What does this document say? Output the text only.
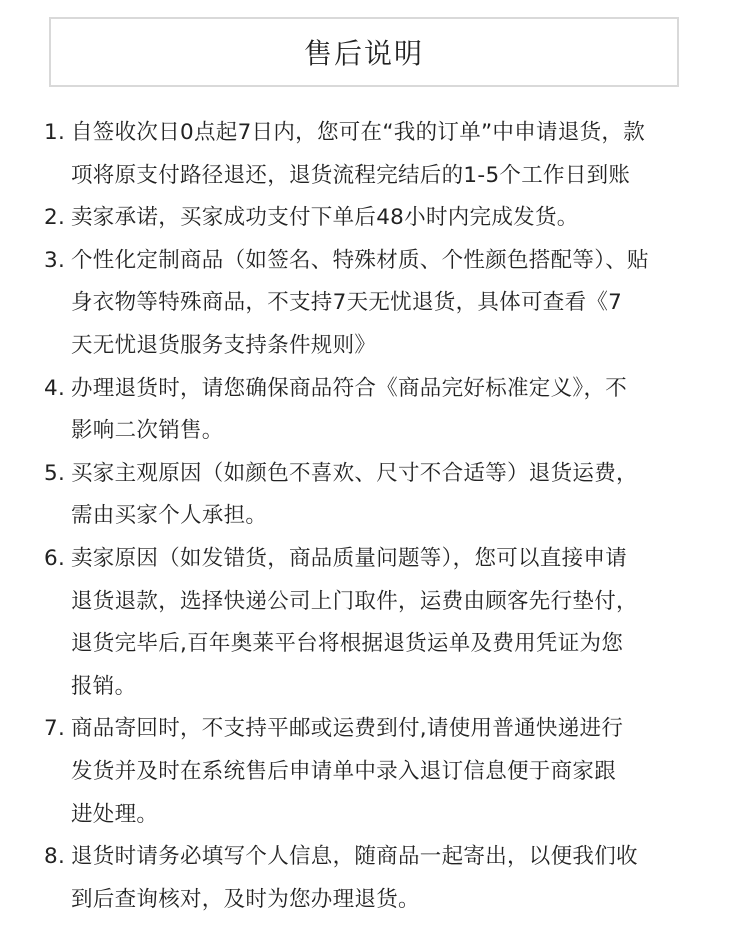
售后说明
1. 自签收次日0点起7日内，您可在“我的订单”中申请退货，款
项将原支付路径退还，退货流程完结后的1-5个工作日到账
2. 卖家承诺，买家成功支付下单后48小时内完成发货。
3. 个性化定制商品（如签名、特殊材质、个性颜色搭配等）、贴
身衣物等特殊商品，不支持7天无忧退货，具体可查看《7
天无忧退货服务支持条件规则》
4. 办理退货时，请您确保商品符合《商品完好标准定义》，不
影响二次销售。
5. 买家主观原因（如颜色不喜欢、尺寸不合适等）退货运费，
需由买家个人承担。
6. 卖家原因（如发错货，商品质量问题等），您可以直接申请
退货退款，选择快递公司上门取件，运费由顾客先行垫付，
退货完毕后,百年奥莱平台将根据退货运单及费用凭证为您
报销。
7. 商品寄回时，不支持平邮或运费到付,请使用普通快递进行
发货并及时在系统售后申请单中录入退订信息便于商家跟
进处理。
8. 退货时请务必填写个人信息，随商品一起寄出，以便我们收
到后查询核对，及时为您办理退货。
